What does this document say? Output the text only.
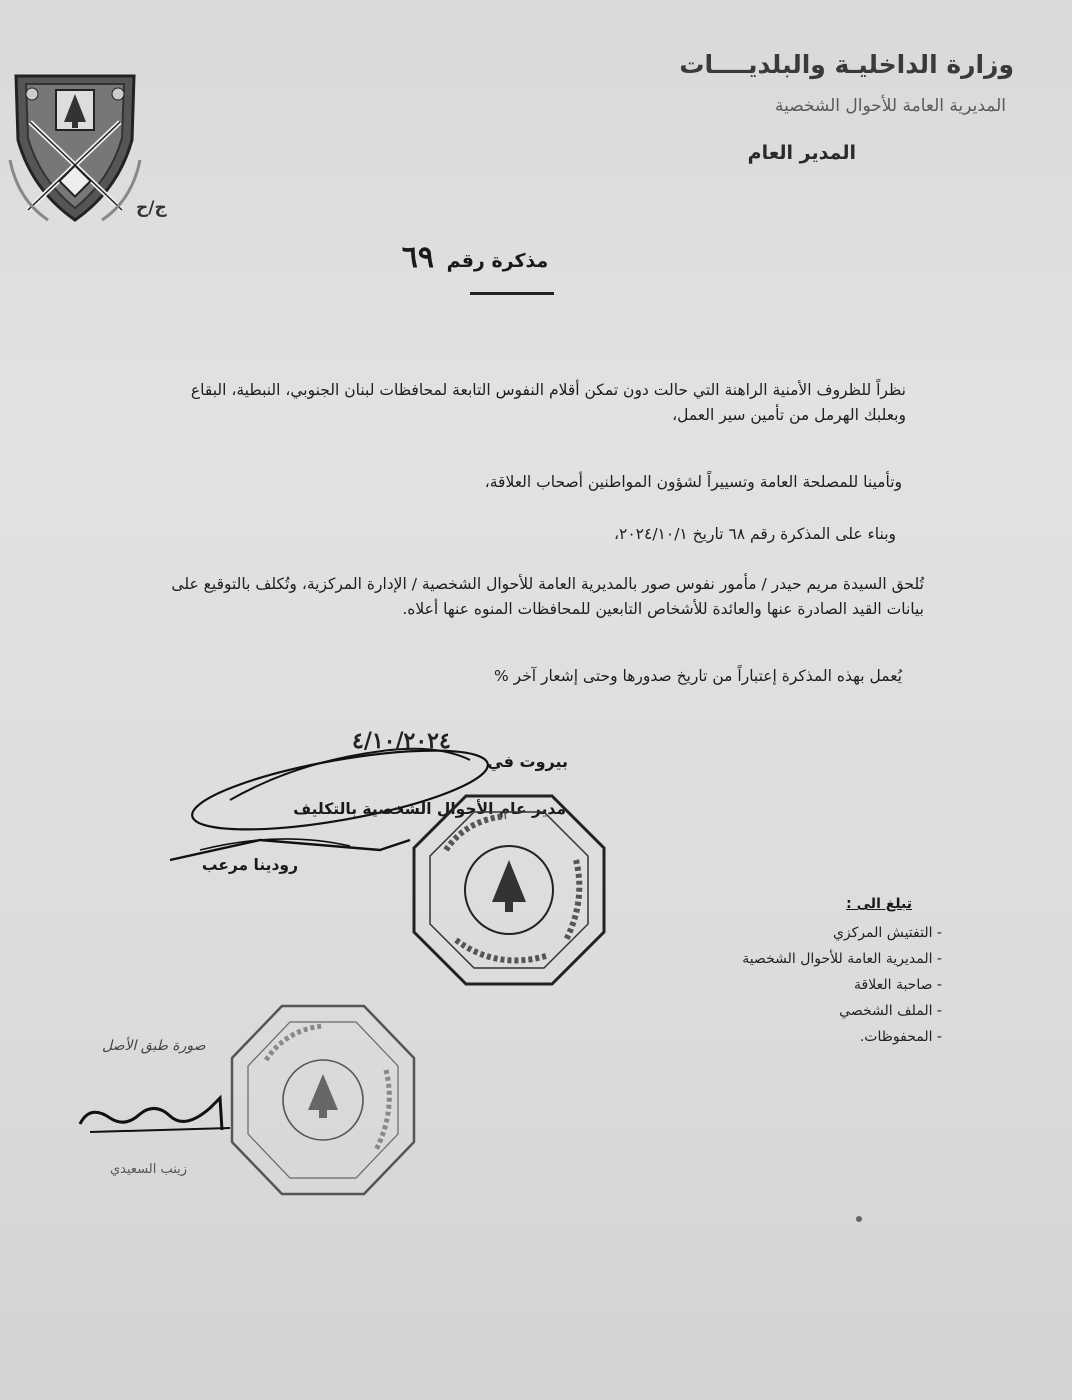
ج/ح
وزارة الداخليـة والبلديــــات
المديرية العامة للأحوال الشخصية
المدير العام
مذكرة رقم ٦٩
نظراً للظروف الأمنية الراهنة التي حالت دون تمكن أقلام النفوس التابعة لمحافظات لبنان الجنوبي، النبطية، البقاع وبعلبك الهرمل من تأمين سير العمل،
وتأمينا للمصلحة العامة وتسييراً لشؤون المواطنين أصحاب العلاقة،
وبناء على المذكرة رقم ٦٨ تاريخ ٢٠٢٤/١٠/١،
تُلحق السيدة مريم حيدر / مأمور نفوس صور بالمديرية العامة للأحوال الشخصية / الإدارة المركزية، وتُكلف بالتوقيع على بيانات القيد الصادرة عنها والعائدة للأشخاص التابعين للمحافظات المنوه عنها أعلاه.
يُعمل بهذه المذكرة إعتباراً من تاريخ صدورها وحتى إشعار آخر %
٤/١٠/٢٠٢٤
بيروت في
مدير عام الأحوال الشخصية بالتكليف
رودينا مرعب
تبلغ الى :
- التفتيش المركزي
- المديرية العامة للأحوال الشخصية
- صاحبة العلاقة
- الملف الشخصي
- المحفوظات.
صورة طبق الأصل
زينب السعيدي
